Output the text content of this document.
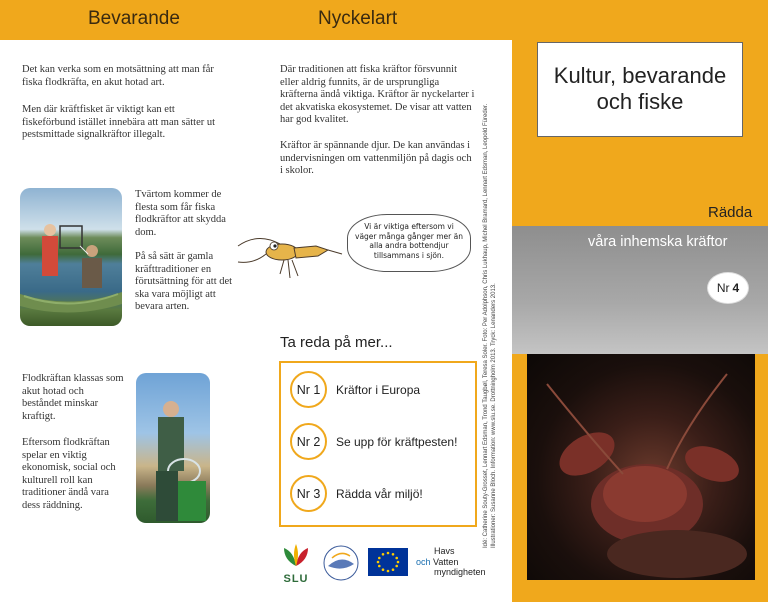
Bevarande	Nyckelart

Det kan verka som en motsättning att man får fiska flodkräfta, en akut hotad art.

Men där kräftfisket är viktigt kan ett fiskeförbund istället innebära att man sätter ut pestsmittade signalkräftor illegalt.

Tvärtom kommer de flesta som får fiska flodkräftor att skydda dom.

På så sätt är gamla kräfttraditioner en förutsättning för att det ska vara möjligt att bevara arten.

Flodkräftan klassas som akut hotad och beståndet minskar kraftigt.

Eftersom flodkräftan spelar en viktig ekonomisk, social och kulturell roll kan traditioner ändå vara dess räddning.

Där traditionen att fiska kräftor försvunnit eller aldrig funnits, är de ursprungliga kräfterna ändå viktiga. Kräftor är nyckelarter i det akvatiska ekosystemet. De visar att vatten har god kvalitet.

Kräftor är spännande djur. De kan användas i undervisningen om vattenmiljön på dagis och i skolor.

Vi är viktiga eftersom vi väger många gånger mer än alla andra bottendjur tillsammans i sjön.
Ta reda på mer...
Nr 1	Kräftor i Europa
Nr 2	Se upp för kräftpesten!
Nr 3	Rädda vår miljö!
SLU
Havs
och Vatten
myndigheten
Idé: Catherine Souty-Grosset, Lennart Edsman, Trond Taugbøl, Teresa Soler. Foto: Per Adolphson, Chris Lukhaup, Michel Bramard, Lennart Edsman, Leopold Füreder. Illustrationer: Susanne Bloch. Information: www.slu.se. Drottningholm 2013. Tryck: Lenanders 2013.
Kultur, bevarande
och fiske
Rädda
våra inhemska kräftor
Nr 4
